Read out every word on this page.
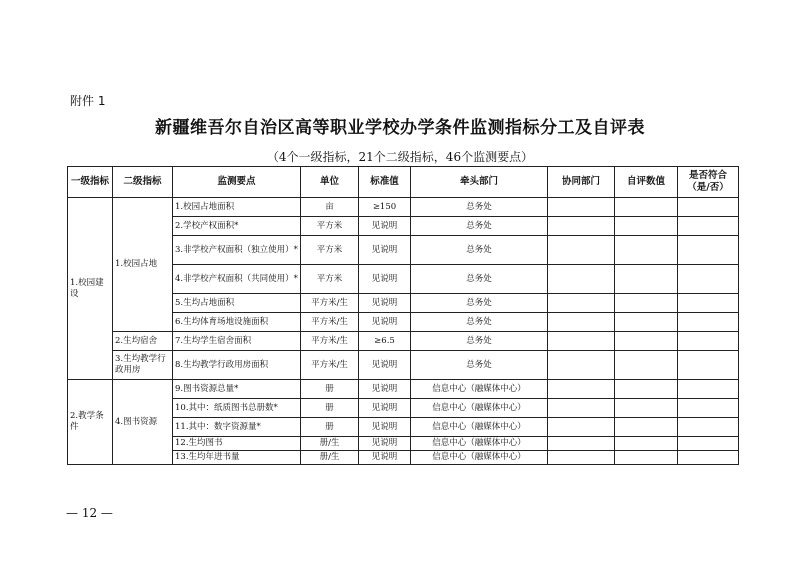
附件 1
新疆维吾尔自治区高等职业学校办学条件监测指标分工及自评表
（4个一级指标，21个二级指标，46个监测要点）
一级指标	二级指标	监测要点	单位	标准值	牵头部门	协同部门	自评数值	是否符合（是/否）
1.校园建设	1.校园占地	1.校园占地面积	亩	≥150	总务处			
		2.学校产权面积*	平方米	见说明	总务处			
		3.非学校产权面积（独立使用）*	平方米	见说明	总务处			
		4.非学校产权面积（共同使用）*	平方米	见说明	总务处			
		5.生均占地面积	平方米/生	见说明	总务处			
		6.生均体育场地设施面积	平方米/生	见说明	总务处			
	2.生均宿舍	7.生均学生宿舍面积	平方米/生	≥6.5	总务处			
	3.生均教学行政用房	8.生均教学行政用房面积	平方米/生	见说明	总务处			
2.教学条件	4.图书资源	9.图书资源总量*	册	见说明	信息中心（融媒体中心）			
		10.其中：纸质图书总册数*	册	见说明	信息中心（融媒体中心）			
		11.其中：数字资源量*	册	见说明	信息中心（融媒体中心）			
		12.生均图书	册/生	见说明	信息中心（融媒体中心）			
		13.生均年进书量	册/生	见说明	信息中心（融媒体中心）			
— 12 —
